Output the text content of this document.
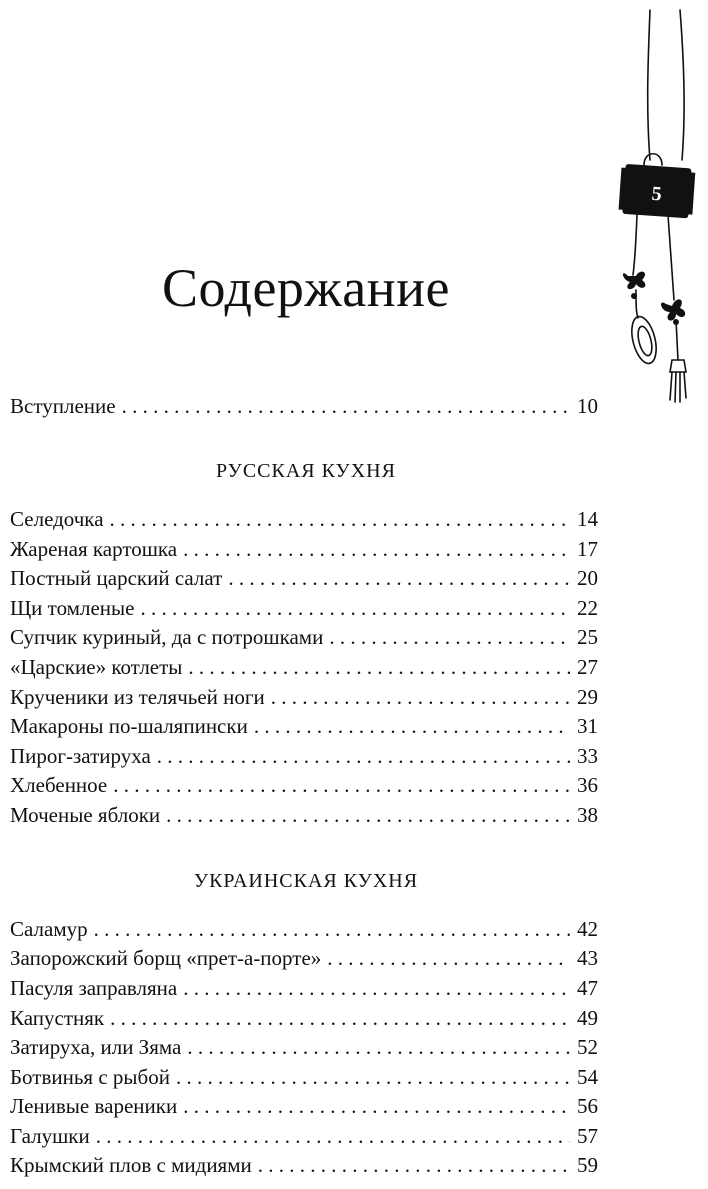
5
Содержание
Вступление . . .	10
РУССКАЯ КУХНЯ
Селедочка . . .	14
Жареная картошка . . .	17
Постный царский салат . . .	20
Щи томленые . . .	22
Супчик куриный, да с потрошками . . .	25
«Царские» котлеты . . .	27
Крученики из телячьей ноги . . .	29
Макароны по-шаляпински . . .	31
Пирог-затируха . . .	33
Хлебенное . . .	36
Моченые яблоки . . .	38
УКРАИНСКАЯ КУХНЯ
Саламур . . .	42
Запорожский борщ «прет-а-порте» . . .	43
Пасуля заправляна . . .	47
Капустняк . . .	49
Затируха, или Зяма . . .	52
Ботвинья с рыбой . . .	54
Ленивые вареники . . .	56
Галушки . . .	57
Крымский плов с мидиями . . .	59
